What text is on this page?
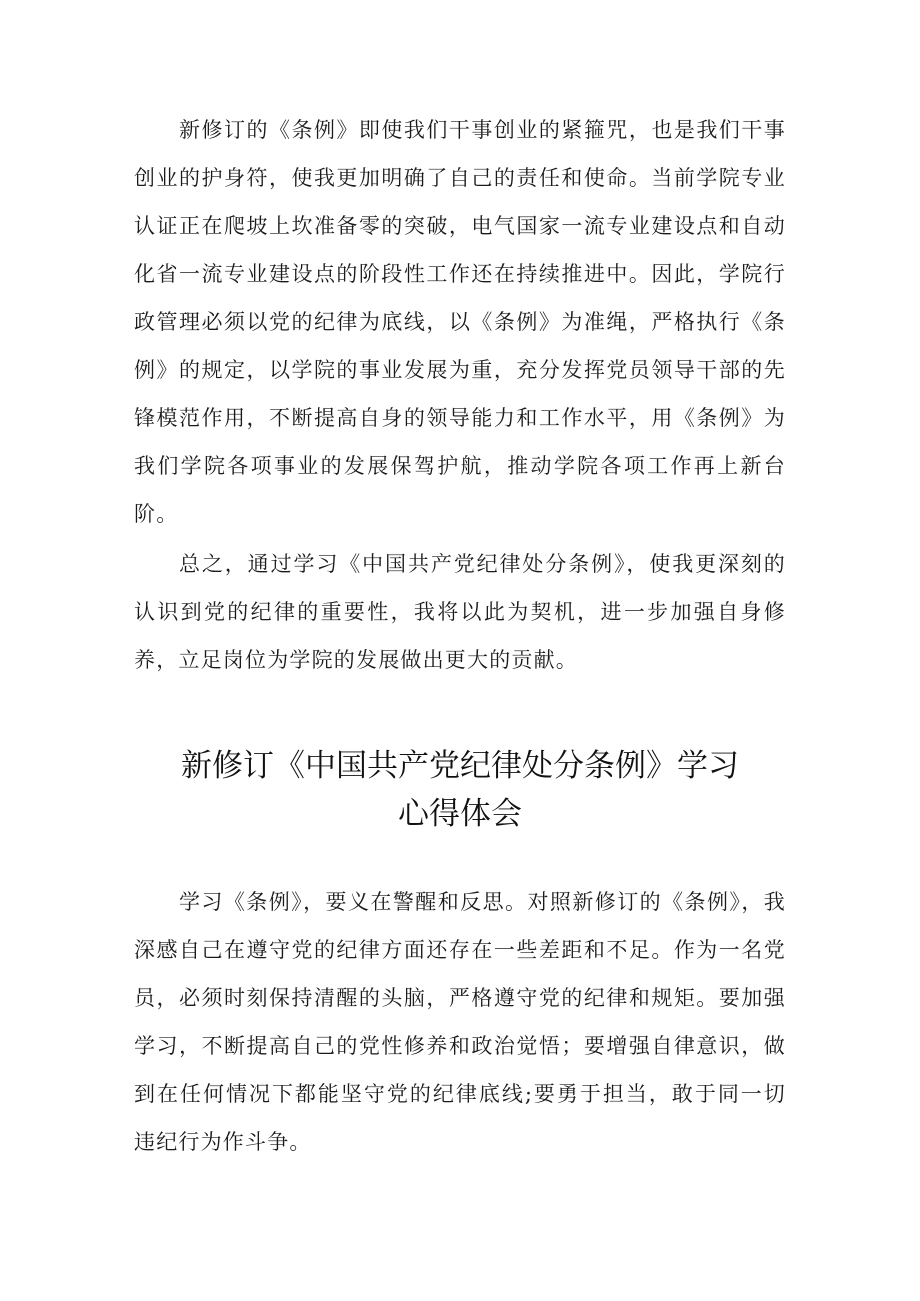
新修订的《条例》即使我们干事创业的紧箍咒，也是我们干事创业的护身符，使我更加明确了自己的责任和使命。当前学院专业认证正在爬坡上坎准备零的突破，电气国家一流专业建设点和自动化省一流专业建设点的阶段性工作还在持续推进中。因此，学院行政管理必须以党的纪律为底线，以《条例》为准绳，严格执行《条例》的规定，以学院的事业发展为重，充分发挥党员领导干部的先锋模范作用，不断提高自身的领导能力和工作水平，用《条例》为我们学院各项事业的发展保驾护航，推动学院各项工作再上新台阶。

总之，通过学习《中国共产党纪律处分条例》，使我更深刻的认识到党的纪律的重要性，我将以此为契机，进一步加强自身修养，立足岗位为学院的发展做出更大的贡献。

新修订《中国共产党纪律处分条例》学习
心得体会

学习《条例》，要义在警醒和反思。对照新修订的《条例》，我深感自己在遵守党的纪律方面还存在一些差距和不足。作为一名党员，必须时刻保持清醒的头脑，严格遵守党的纪律和规矩。要加强学习，不断提高自己的党性修养和政治觉悟；要增强自律意识，做到在任何情况下都能坚守党的纪律底线;要勇于担当，敢于同一切违纪行为作斗争。
